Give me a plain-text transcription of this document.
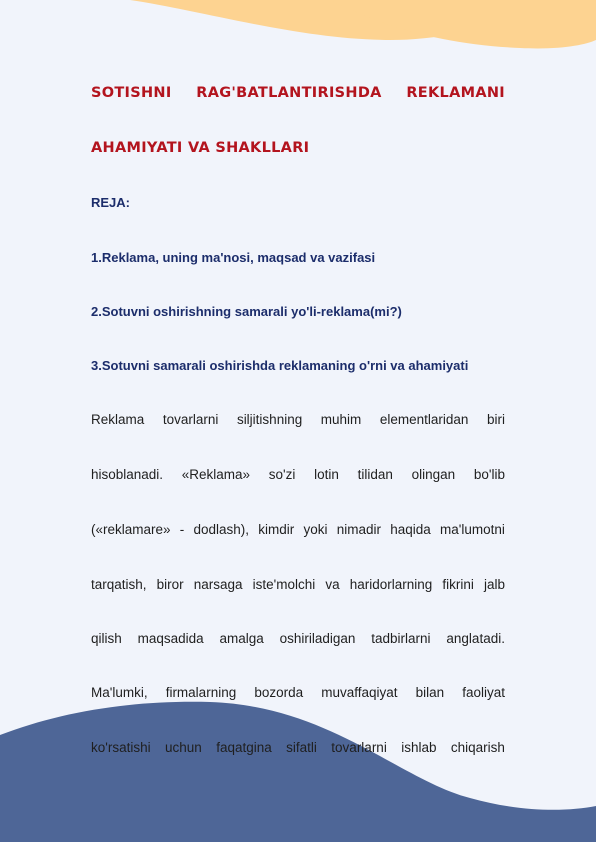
SOTISHNI RAG'BATLANTIRISHDA REKLAMANI
AHAMIYATI VA SHAKLLARI
REJA:
1.Reklama, uning ma'nosi, maqsad va vazifasi
2.Sotuvni oshirishning samarali yo'li-reklama(mi?)
3.Sotuvni samarali oshirishda reklamaning o'rni va ahamiyati
Reklama tovarlarni siljitishning muhim elementlaridan biri
hisoblanadi. «Reklama» so'zi lotin tilidan olingan bo'lib
(«reklamare» - dodlash), kimdir yoki nimadir haqida ma'lumotni
tarqatish, biror narsaga iste'molchi va haridorlarning fikrini jalb
qilish maqsadida amalga oshiriladigan tadbirlarni anglatadi.
Ma'lumki, firmalarning bozorda muvaffaqiyat bilan faoliyat
ko'rsatishi uchun faqatgina sifatli tovarlarni ishlab chiqarish
